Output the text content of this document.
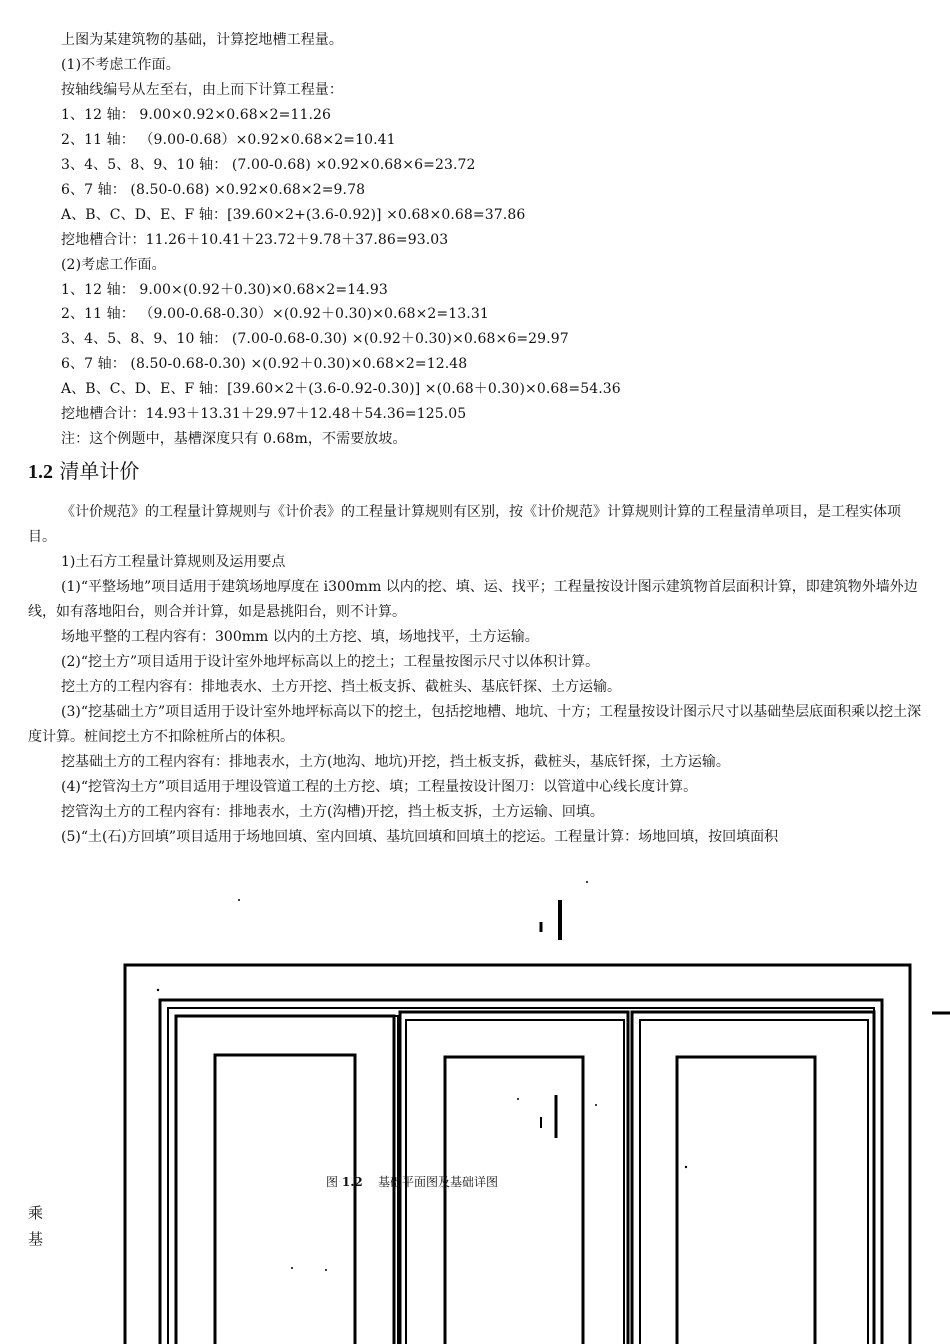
上图为某建筑物的基础，计算挖地槽工程量。
(1)不考虑工作面。
按轴线编号从左至右，由上而下计算工程量：
1、12 轴： 9.00×0.92×0.68×2=11.26
2、11 轴： （9.00-0.68）×0.92×0.68×2=10.41
3、4、5、8、9、10 轴： (7.00-0.68) ×0.92×0.68×6=23.72
6、7 轴： (8.50-0.68) ×0.92×0.68×2=9.78
A、B、C、D、E、F 轴：[39.60×2+(3.6-0.92)] ×0.68×0.68=37.86
挖地槽合计：11.26＋10.41＋23.72＋9.78＋37.86=93.03
(2)考虑工作面。
1、12 轴： 9.00×(0.92＋0.30)×0.68×2=14.93
2、11 轴： （9.00-0.68-0.30）×(0.92＋0.30)×0.68×2=13.31
3、4、5、8、9、10 轴： (7.00-0.68-0.30) ×(0.92＋0.30)×0.68×6=29.97
6、7 轴： (8.50-0.68-0.30) ×(0.92＋0.30)×0.68×2=12.48
A、B、C、D、E、F 轴：[39.60×2＋(3.6-0.92-0.30)] ×(0.68＋0.30)×0.68=54.36
挖地槽合计：14.93＋13.31＋29.97＋12.48＋54.36=125.05
注：这个例题中，基槽深度只有 0.68m，不需要放坡。
1.2 清单计价
《计价规范》的工程量计算规则与《计价表》的工程量计算规则有区别，按《计价规范》计算规则计算的工程量清单项目，是工程实体项目。
1)土石方工程量计算规则及运用要点
(1)“平整场地”项目适用于建筑场地厚度在 i300mm 以内的挖、填、运、找平；工程量按设计图示建筑物首层面积计算，即建筑物外墙外边线，如有落地阳台，则合并计算，如是悬挑阳台，则不计算。
场地平整的工程内容有：300mm 以内的土方挖、填，场地找平，土方运输。
(2)“挖土方”项目适用于设计室外地坪标高以上的挖土；工程量按图示尺寸以体积计算。
挖土方的工程内容有：排地表水、土方开挖、挡土板支拆、截桩头、基底钎探、土方运输。
(3)“挖基础土方”项目适用于设计室外地坪标高以下的挖土，包括挖地槽、地坑、十方；工程量按设计图示尺寸以基础垫层底面积乘以挖土深度计算。桩间挖土方不扣除桩所占的体积。
挖基础土方的工程内容有：排地表水，土方(地沟、地坑)开挖，挡土板支拆，截桩头，基底钎探，土方运输。
(4)“挖管沟土方”项目适用于埋设管道工程的土方挖、填；工程量按设计图刀：以管道中心线长度计算。
挖管沟土方的工程内容有：排地表水，土方(沟槽)开挖，挡土板支拆，土方运输、回填。
(5)“土(石)方回填”项目适用于场地回填、室内回填、基坑回填和回填土的挖运。工程量计算：场地回填，按回填面积
图 1.2 基础平面图及基础详图
乘
基
